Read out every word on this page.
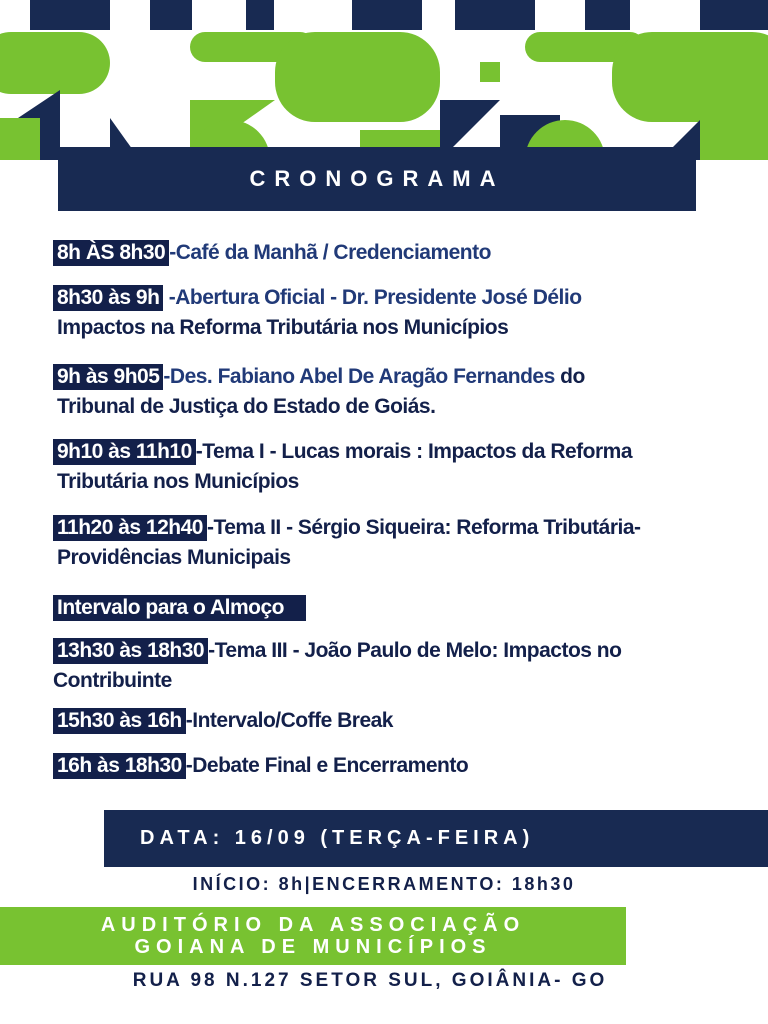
CRONOGRAMA
8h ÀS 8h30 -Café da Manhã / Credenciamento
8h30 às 9h -Abertura Oficial - Dr. Presidente José Délio
Impactos na Reforma Tributária nos Municípios
9h às 9h05 -Des. Fabiano Abel De Aragão Fernandes do
Tribunal de Justiça do Estado de Goiás.
9h10 às 11h10 -Tema I - Lucas morais : Impactos da Reforma
Tributária nos Municípios
11h20 às 12h40 -Tema II - Sérgio Siqueira: Reforma Tributária-
Providências Municipais
Intervalo para o Almoço
13h30 às 18h30 -Tema III - João Paulo de Melo: Impactos no
Contribuinte
15h30 às 16h -Intervalo/Coffe Break
16h às 18h30 -Debate Final e Encerramento
DATA: 16/09 (TERÇA-FEIRA)
INÍCIO: 8h|ENCERRAMENTO: 18h30
AUDITÓRIO DA ASSOCIAÇÃO
GOIANA DE MUNICÍPIOS
RUA 98 N.127 SETOR SUL, GOIÂNIA- GO
